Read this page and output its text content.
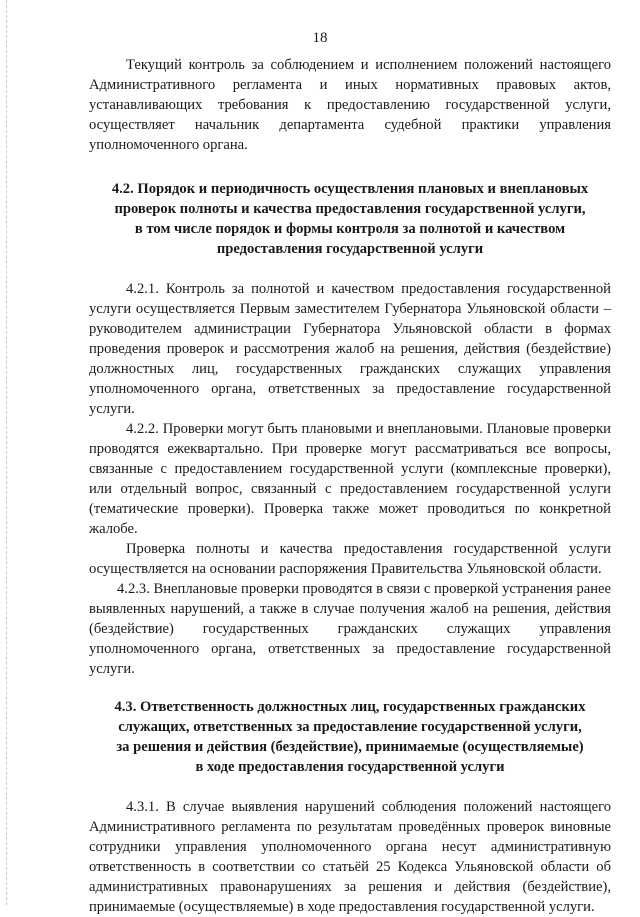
18

Текущий контроль за соблюдением и исполнением положений настоящего Административного регламента и иных нормативных правовых актов, устанавливающих требования к предоставлению государственной услуги, осуществляет начальник департамента судебной практики управления уполномоченного органа.

4.2. Порядок и периодичность осуществления плановых и внеплановых
проверок полноты и качества предоставления государственной услуги,
в том числе порядок и формы контроля за полнотой и качеством
предоставления государственной услуги

4.2.1. Контроль за полнотой и качеством предоставления государственной услуги осуществляется Первым заместителем Губернатора Ульяновской области – руководителем администрации Губернатора Ульяновской области в формах проведения проверок и рассмотрения жалоб на решения, действия (бездействие) должностных лиц, государственных гражданских служащих управления уполномоченного органа, ответственных за предоставление государственной услуги.

4.2.2. Проверки могут быть плановыми и внеплановыми. Плановые проверки проводятся ежеквартально. При проверке могут рассматриваться все вопросы, связанные с предоставлением государственной услуги (комплексные проверки), или отдельный вопрос, связанный с предоставлением государственной услуги (тематические проверки). Проверка также может проводиться по конкретной жалобе.

Проверка полноты и качества предоставления государственной услуги осуществляется на основании распоряжения Правительства Ульяновской области.

4.2.3. Внеплановые проверки проводятся в связи с проверкой устранения ранее выявленных нарушений, а также в случае получения жалоб на решения, действия (бездействие) государственных гражданских служащих управления уполномоченного органа, ответственных за предоставление государственной услуги.

4.3. Ответственность должностных лиц, государственных гражданских
служащих, ответственных за предоставление государственной услуги,
за решения и действия (бездействие), принимаемые (осуществляемые)
в ходе предоставления государственной услуги

4.3.1. В случае выявления нарушений соблюдения положений настоящего Административного регламента по результатам проведённых проверок виновные сотрудники управления уполномоченного органа несут административную ответственность в соответствии со статьёй 25 Кодекса Ульяновской области об административных правонарушениях за решения и действия (бездействие), принимаемые (осуществляемые) в ходе предоставления государственной услуги.
